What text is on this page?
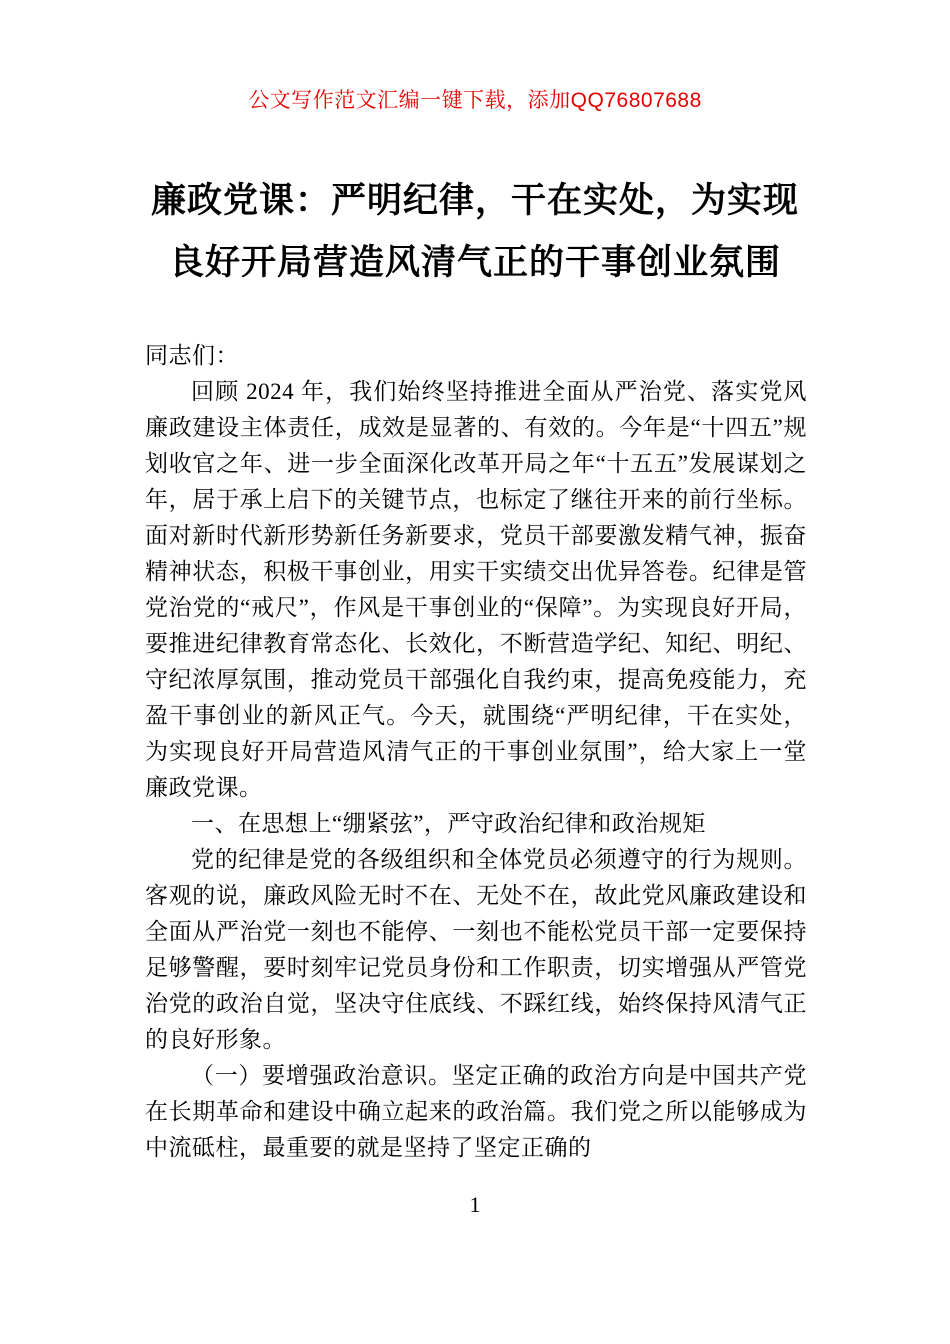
公文写作范文汇编一键下载，添加QQ76807688
廉政党课：严明纪律，干在实处，为实现
良好开局营造风清气正的干事创业氛围

同志们：

回顾 2024 年，我们始终坚持推进全面从严治党、落实党风廉政建设主体责任，成效是显著的、有效的。今年是“十四五”规划收官之年、进一步全面深化改革开局之年“十五五”发展谋划之年，居于承上启下的关键节点，也标定了继往开来的前行坐标。面对新时代新形势新任务新要求，党员干部要激发精气神，振奋精神状态，积极干事创业，用实干实绩交出优异答卷。纪律是管党治党的“戒尺”，作风是干事创业的“保障”。为实现良好开局，要推进纪律教育常态化、长效化，不断营造学纪、知纪、明纪、守纪浓厚氛围，推动党员干部强化自我约束，提高免疫能力，充盈干事创业的新风正气。今天，就围绕“严明纪律，干在实处，为实现良好开局营造风清气正的干事创业氛围”，给大家上一堂廉政党课。

一、在思想上“绷紧弦”，严守政治纪律和政治规矩

党的纪律是党的各级组织和全体党员必须遵守的行为规则。客观的说，廉政风险无时不在、无处不在，故此党风廉政建设和全面从严治党一刻也不能停、一刻也不能松党员干部一定要保持足够警醒，要时刻牢记党员身份和工作职责，切实增强从严管党治党的政治自觉，坚决守住底线、不踩红线，始终保持风清气正的良好形象。

（一）要增强政治意识。坚定正确的政治方向是中国共产党在长期革命和建设中确立起来的政治篇。我们党之所以能够成为中流砥柱，最重要的就是坚持了坚定正确的

1
